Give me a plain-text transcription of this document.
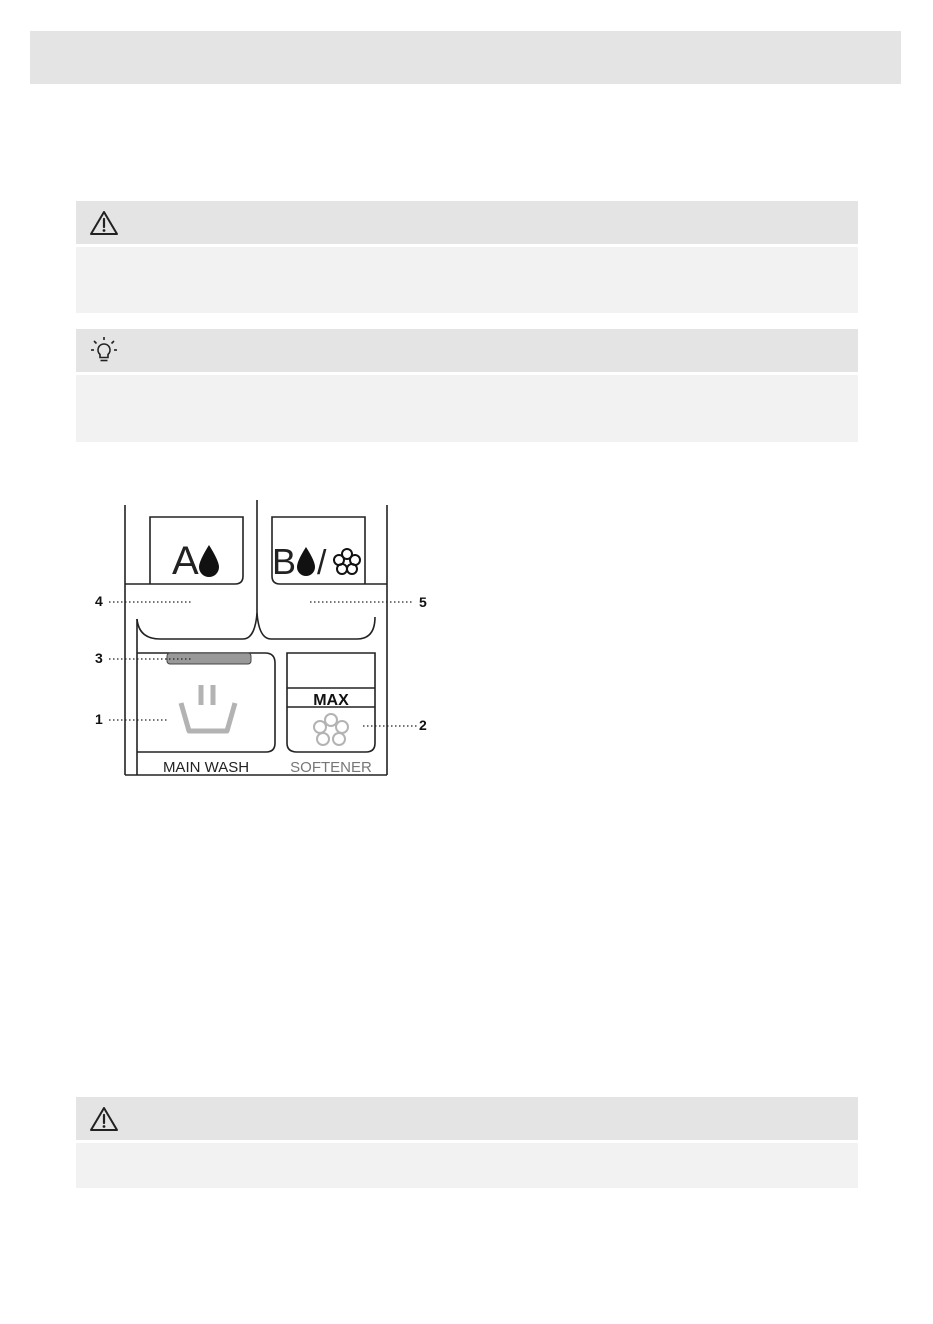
A B /
MAX
MAIN WASH	SOFTENER
4	5
3
1	2
